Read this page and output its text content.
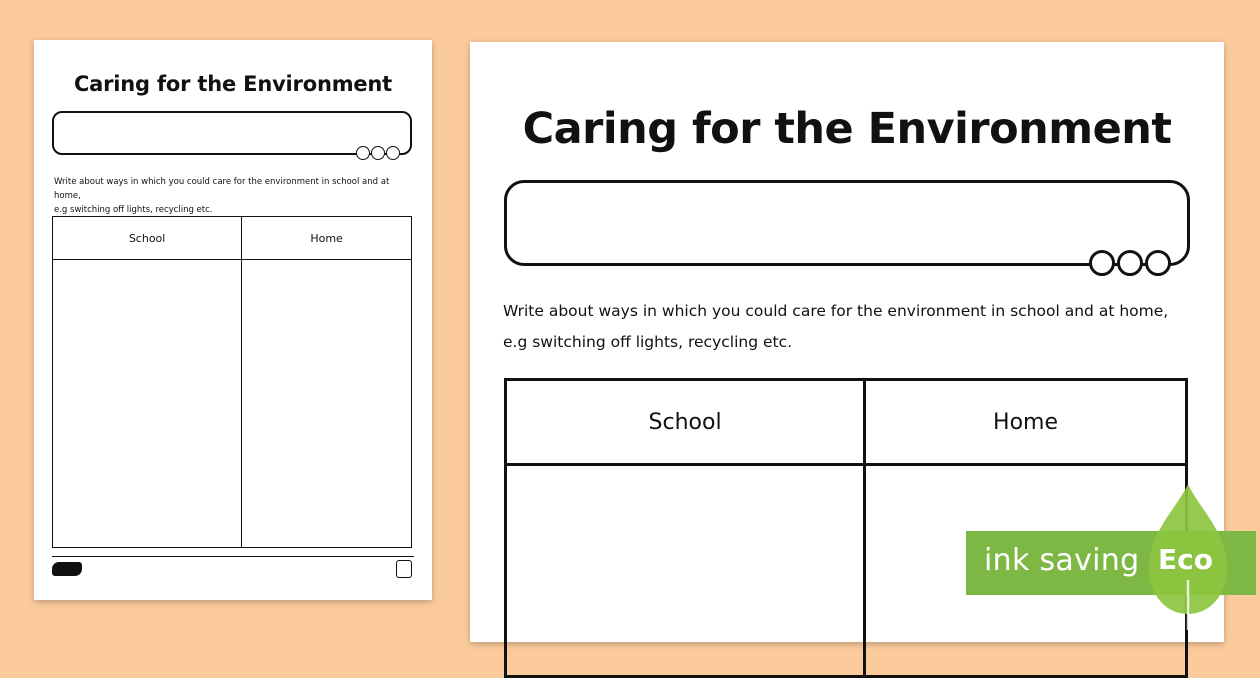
Caring for the Environment
Write about ways in which you could care for the environment in school and at home,
e.g switching off lights, recycling etc.
School	Home

Caring for the Environment
Write about ways in which you could care for the environment in school and at home,
e.g switching off lights, recycling etc.
School	Home

ink saving Eco
